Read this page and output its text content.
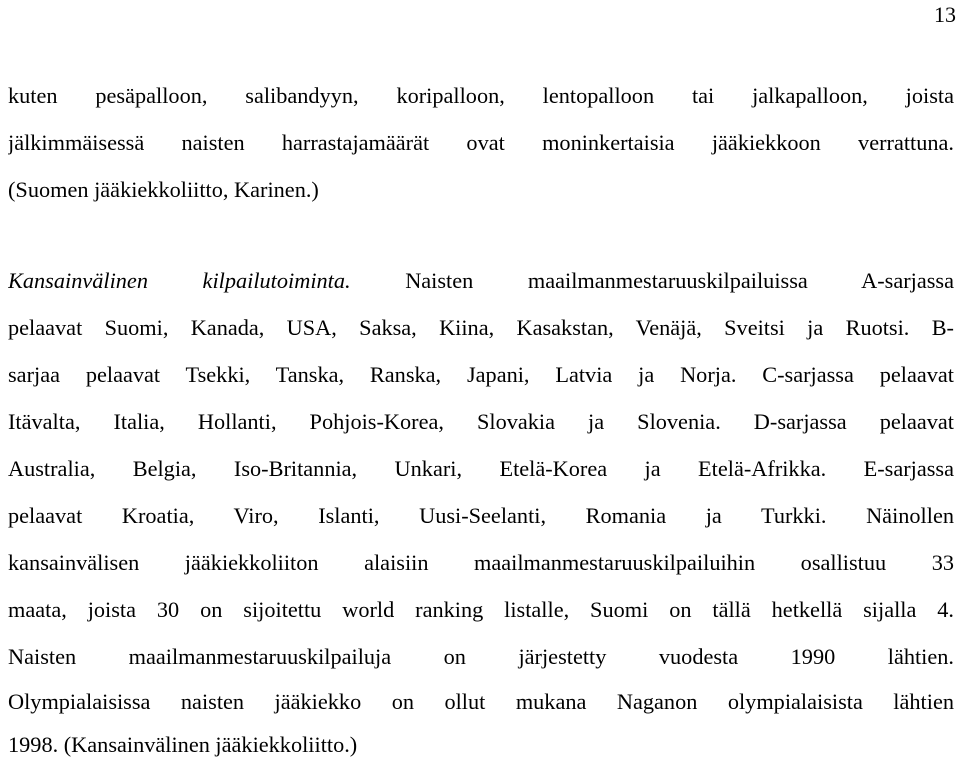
13
kuten pesäpalloon, salibandyyn, koripalloon, lentopalloon tai jalkapalloon, joista
jälkimmäisessä naisten harrastajamäärät ovat moninkertaisia jääkiekkoon verrattuna.
(Suomen jääkiekkoliitto, Karinen.)
Kansainvälinen kilpailutoiminta. Naisten maailmanmestaruuskilpailuissa A-sarjassa
pelaavat Suomi, Kanada, USA, Saksa, Kiina, Kasakstan, Venäjä, Sveitsi ja Ruotsi. B-
sarjaa pelaavat Tsekki, Tanska, Ranska, Japani, Latvia ja Norja. C-sarjassa pelaavat
Itävalta, Italia, Hollanti, Pohjois-Korea, Slovakia ja Slovenia. D-sarjassa pelaavat
Australia, Belgia, Iso-Britannia, Unkari, Etelä-Korea ja Etelä-Afrikka. E-sarjassa
pelaavat Kroatia, Viro, Islanti, Uusi-Seelanti, Romania ja Turkki. Näinollen
kansainvälisen jääkiekkoliiton alaisiin maailmanmestaruuskilpailuihin osallistuu 33
maata, joista 30 on sijoitettu world ranking listalle, Suomi on tällä hetkellä sijalla 4.
Naisten maailmanmestaruuskilpailuja on järjestetty vuodesta 1990 lähtien.
Olympialaisissa naisten jääkiekko on ollut mukana Naganon olympialaisista lähtien
1998. (Kansainvälinen jääkiekkoliitto.)
